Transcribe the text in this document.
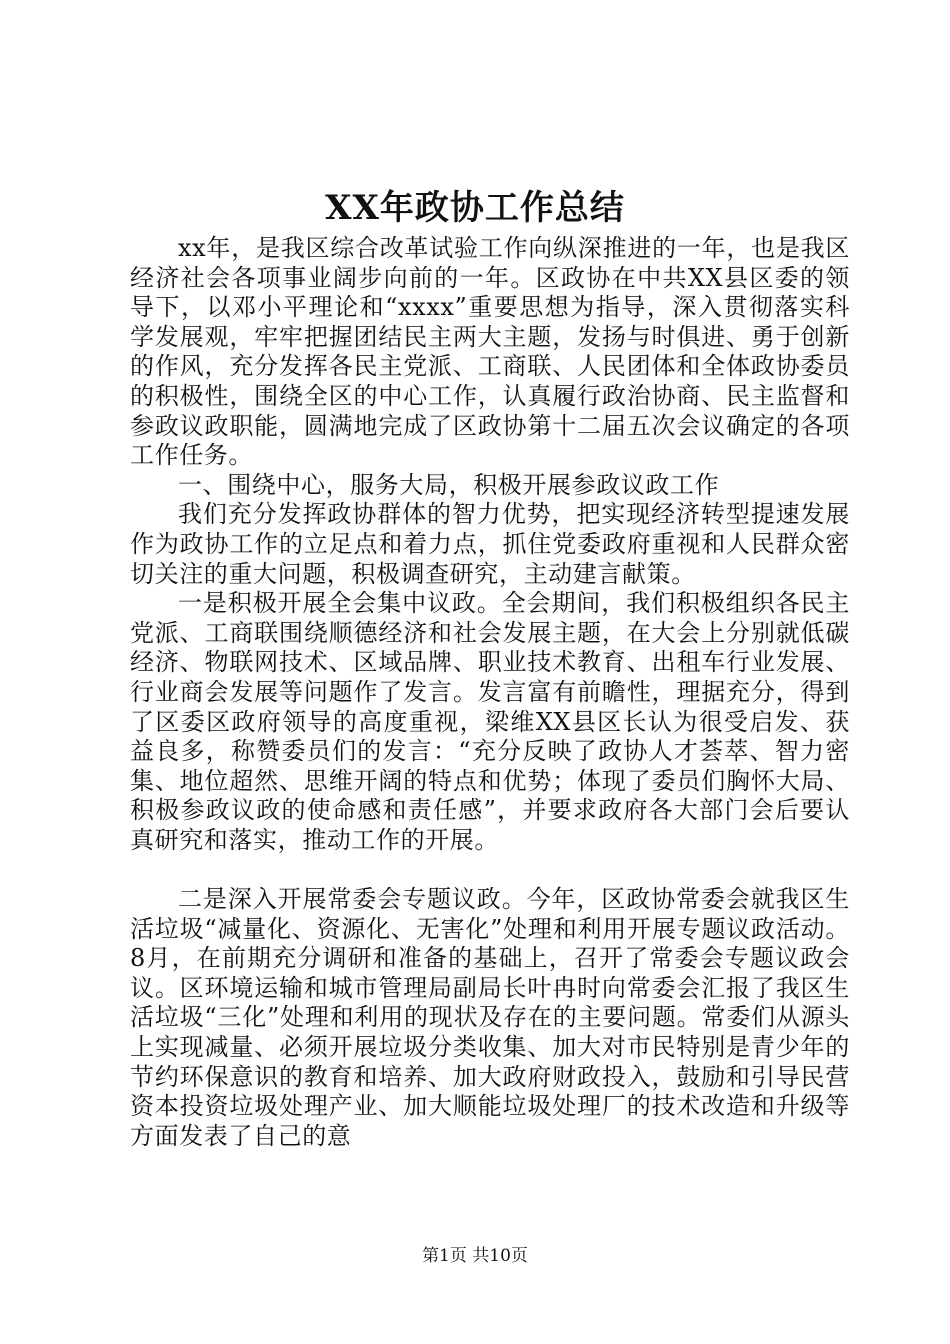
XX年政协工作总结

xx年，是我区综合改革试验工作向纵深推进的一年，也是我区经济社会各项事业阔步向前的一年。区政协在中共XX县区委的领导下，以邓小平理论和“xxxx”重要思想为指导，深入贯彻落实科学发展观，牢牢把握团结民主两大主题，发扬与时俱进、勇于创新的作风，充分发挥各民主党派、工商联、人民团体和全体政协委员的积极性，围绕全区的中心工作，认真履行政治协商、民主监督和参政议政职能，圆满地完成了区政协第十二届五次会议确定的各项工作任务。

一、围绕中心，服务大局，积极开展参政议政工作

我们充分发挥政协群体的智力优势，把实现经济转型提速发展作为政协工作的立足点和着力点，抓住党委政府重视和人民群众密切关注的重大问题，积极调查研究，主动建言献策。

一是积极开展全会集中议政。全会期间，我们积极组织各民主党派、工商联围绕顺德经济和社会发展主题，在大会上分别就低碳经济、物联网技术、区域品牌、职业技术教育、出租车行业发展、行业商会发展等问题作了发言。发言富有前瞻性，理据充分，得到了区委区政府领导的高度重视，梁维XX县区长认为很受启发、获益良多，称赞委员们的发言：“充分反映了政协人才荟萃、智力密集、地位超然、思维开阔的特点和优势；体现了委员们胸怀大局、积极参政议政的使命感和责任感”，并要求政府各大部门会后要认真研究和落实，推动工作的开展。

二是深入开展常委会专题议政。今年，区政协常委会就我区生活垃圾“减量化、资源化、无害化”处理和利用开展专题议政活动。8月，在前期充分调研和准备的基础上，召开了常委会专题议政会议。区环境运输和城市管理局副局长叶冉时向常委会汇报了我区生活垃圾“三化”处理和利用的现状及存在的主要问题。常委们从源头上实现减量、必须开展垃圾分类收集、加大对市民特别是青少年的节约环保意识的教育和培养、加大政府财政投入，鼓励和引导民营资本投资垃圾处理产业、加大顺能垃圾处理厂的技术改造和升级等方面发表了自己的意

第1页 共10页
